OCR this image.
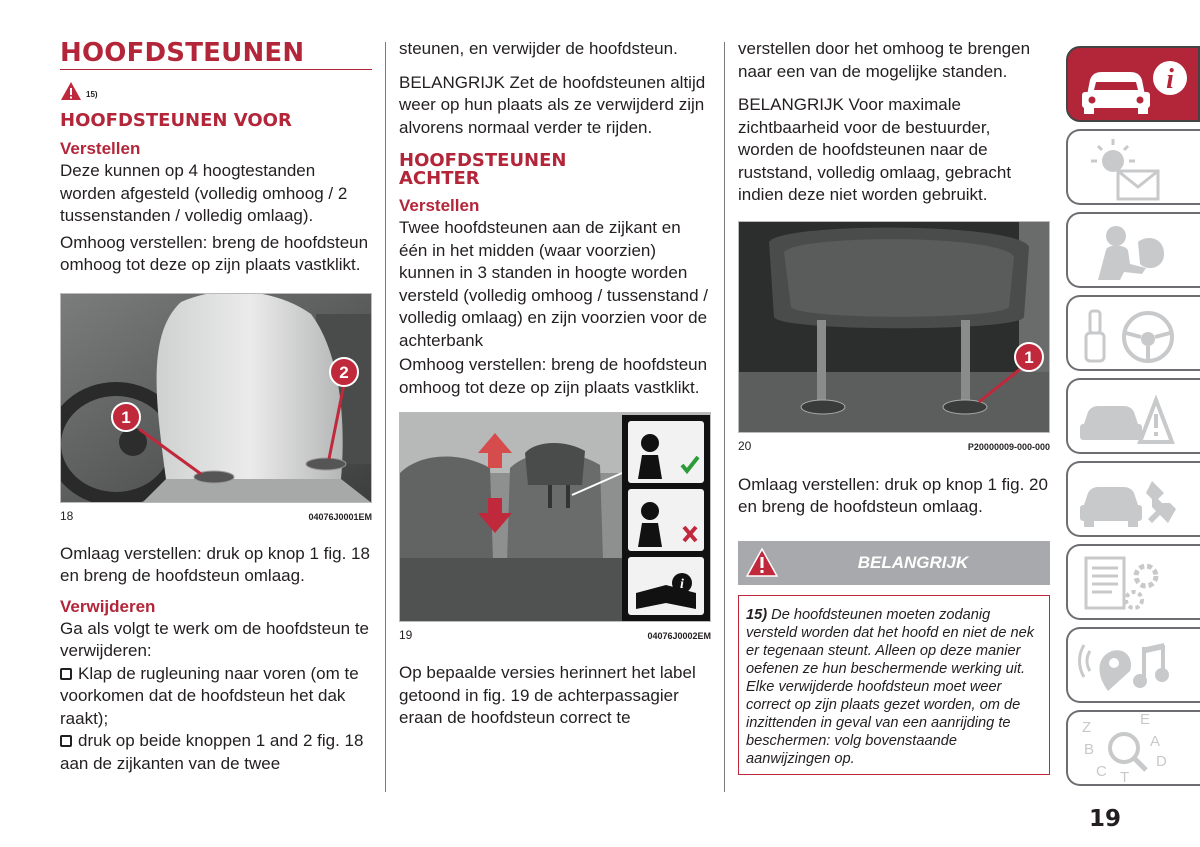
HOOFDSTEUNEN
15)
HOOFDSTEUNEN VOOR
Verstellen
Deze kunnen op 4 hoogtestanden worden afgesteld (volledig omhoog / 2 tussenstanden / volledig omlaag).
Omhoog verstellen: breng de hoofdsteun omhoog tot deze op zijn plaats vastklikt.
1
2
18	04076J0001EM
Omlaag verstellen: druk op knop 1 fig. 18 en breng de hoofdsteun omlaag.
Verwijderen
Ga als volgt te werk om de hoofdsteun te verwijderen:
Klap de rugleuning naar voren (om te voorkomen dat de hoofdsteun het dak raakt);
druk op beide knoppen 1 and 2 fig. 18 aan de zijkanten van de twee
steunen, en verwijder de hoofdsteun.
BELANGRIJK Zet de hoofdsteunen altijd weer op hun plaats als ze verwijderd zijn alvorens normaal verder te rijden.
HOOFDSTEUNEN ACHTER
Verstellen
Twee hoofdsteunen aan de zijkant en één in het midden (waar voorzien) kunnen in 3 standen in hoogte worden versteld (volledig omhoog / tussenstand / volledig omlaag) en zijn voorzien voor de achterbank
Omhoog verstellen: breng de hoofdsteun omhoog tot deze op zijn plaats vastklikt.
i
19	04076J0002EM
Op bepaalde versies herinnert het label getoond in fig. 19 de achterpassagier eraan de hoofdsteun correct te
verstellen door het omhoog te brengen naar een van de mogelijke standen.
BELANGRIJK Voor maximale zichtbaarheid voor de bestuurder, worden de hoofdsteunen naar de ruststand, volledig omlaag, gebracht indien deze niet worden gebruikt.
1
20	P20000009-000-000
Omlaag verstellen: druk op knop 1 fig. 20 en breng de hoofdsteun omlaag.
BELANGRIJK
15) De hoofdsteunen moeten zodanig versteld worden dat het hoofd en niet de nek er tegenaan steunt. Alleen op deze manier oefenen ze hun beschermende werking uit. Elke verwijderde hoofdsteun moet weer correct op zijn plaats gezet worden, om de inzittenden in geval van een aanrijding te beschermen: volg bovenstaande aanwijzingen op.
i
Z	E
B	A
C
D
T
19
